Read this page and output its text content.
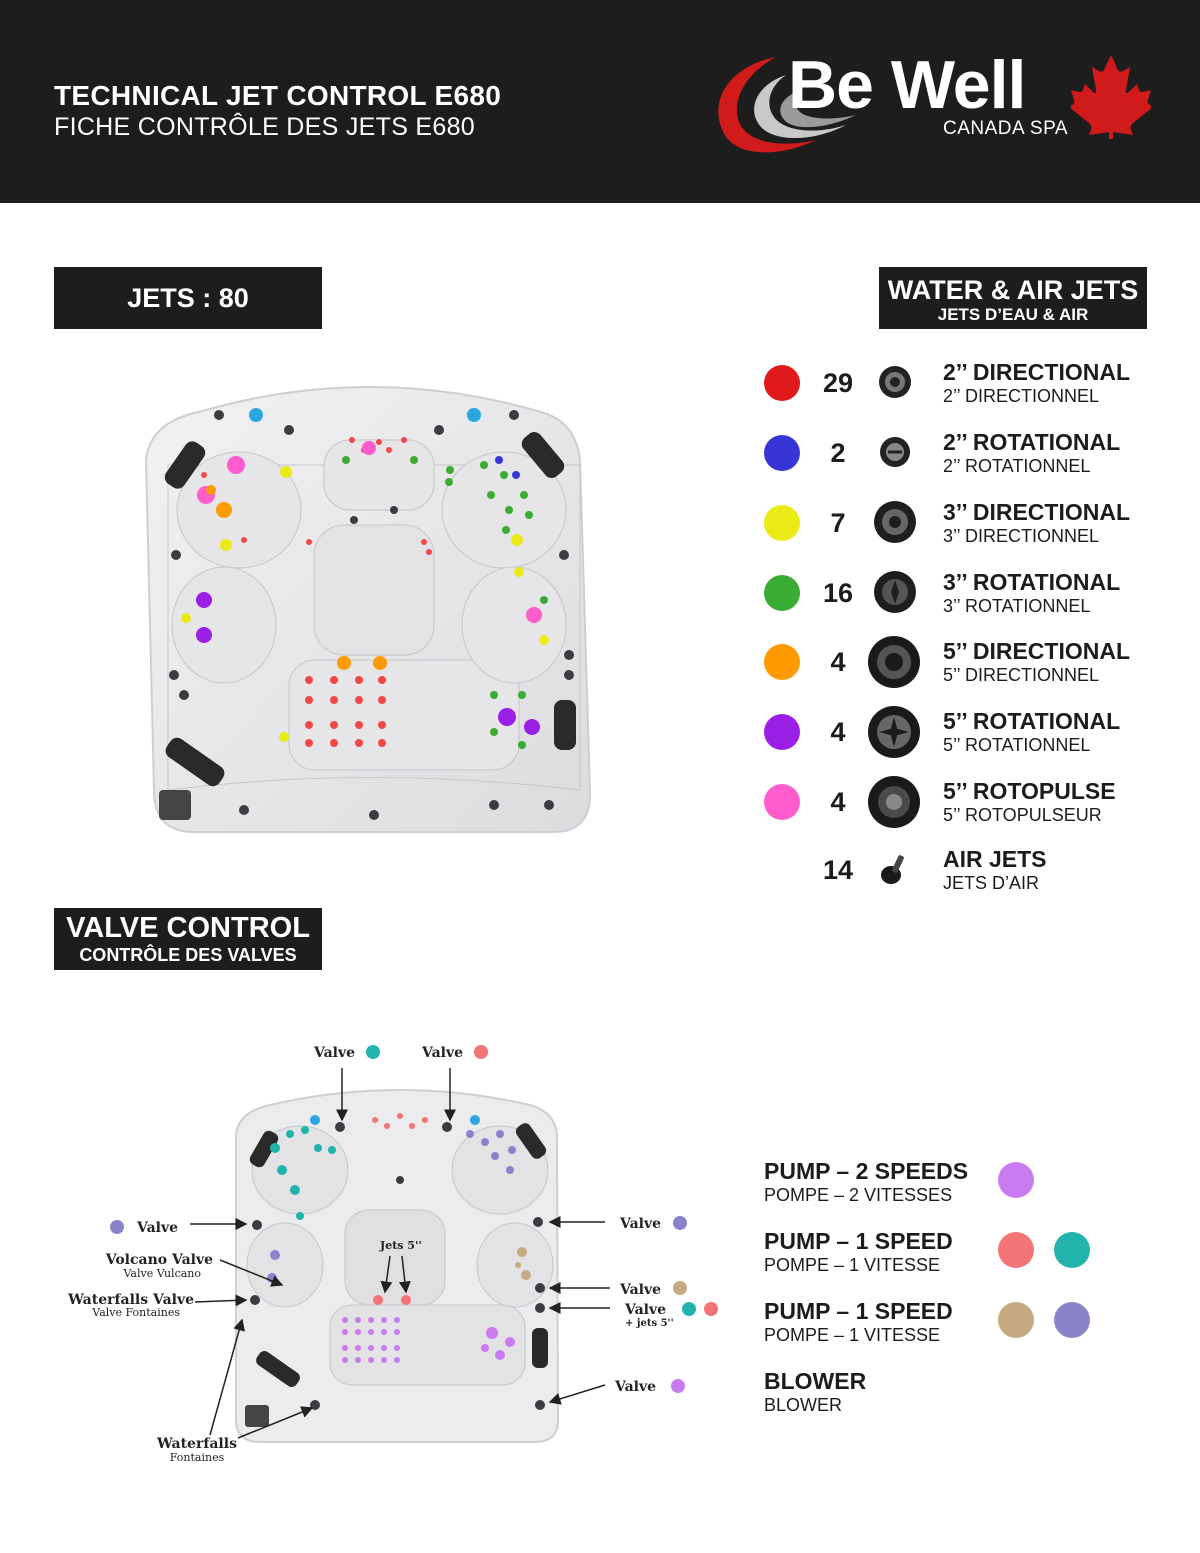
TECHNICAL JET CONTROL E680
FICHE CONTRÔLE DES JETS E680
Be Well
CANADA SPA
JETS : 80	WATER & AIR JETS
JETS D’EAU & AIR
29	2’’ DIRECTIONAL
2’’ DIRECTIONNEL
2	2’’ ROTATIONAL
2’’ ROTATIONNEL
7	3’’ DIRECTIONAL
3’’ DIRECTIONNEL
16	3’’ ROTATIONAL
3’’ ROTATIONNEL
4	5’’ DIRECTIONAL
5’’ DIRECTIONNEL
4	5’’ ROTATIONAL
5’’ ROTATIONNEL
4	5’’ ROTOPULSE
5’’ ROTOPULSEUR
14	AIR JETS
JETS D’AIR
VALVE CONTROL
CONTRÔLE DES VALVES
Valve	Valve
Valve	Valve
Volcano Valve
Valve Vulcano
Waterfalls Valve
Valve Fontaines
Valve
Valve
+ jets 5''
Jets 5''
Valve
Waterfalls
Fontaines
PUMP – 2 SPEEDS
POMPE – 2 VITESSES
PUMP – 1 SPEED
POMPE – 1 VITESSE
PUMP – 1 SPEED
POMPE – 1 VITESSE
BLOWER
BLOWER
